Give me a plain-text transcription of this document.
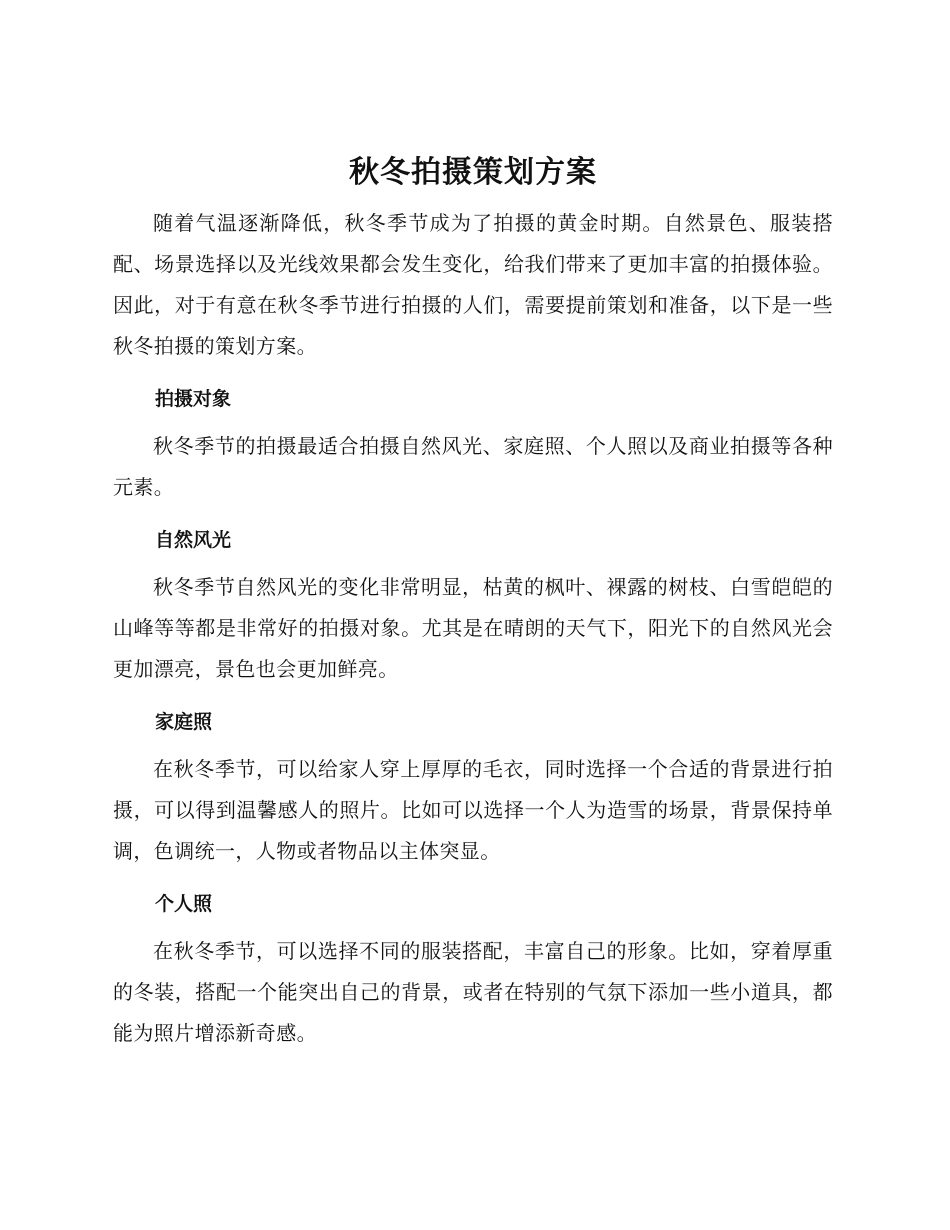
秋冬拍摄策划方案

随着气温逐渐降低，秋冬季节成为了拍摄的黄金时期。自然景色、服装搭配、场景选择以及光线效果都会发生变化，给我们带来了更加丰富的拍摄体验。因此，对于有意在秋冬季节进行拍摄的人们，需要提前策划和准备，以下是一些秋冬拍摄的策划方案。

拍摄对象

秋冬季节的拍摄最适合拍摄自然风光、家庭照、个人照以及商业拍摄等各种元素。

自然风光

秋冬季节自然风光的变化非常明显，枯黄的枫叶、裸露的树枝、白雪皑皑的山峰等等都是非常好的拍摄对象。尤其是在晴朗的天气下，阳光下的自然风光会更加漂亮，景色也会更加鲜亮。

家庭照

在秋冬季节，可以给家人穿上厚厚的毛衣，同时选择一个合适的背景进行拍摄，可以得到温馨感人的照片。比如可以选择一个人为造雪的场景，背景保持单调，色调统一，人物或者物品以主体突显。

个人照

在秋冬季节，可以选择不同的服装搭配，丰富自己的形象。比如，穿着厚重的冬装，搭配一个能突出自己的背景，或者在特别的气氛下添加一些小道具，都能为照片增添新奇感。
